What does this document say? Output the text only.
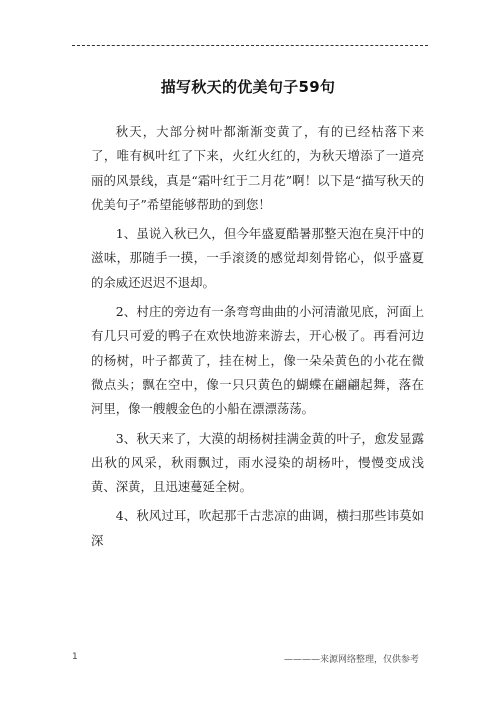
描写秋天的优美句子59句

秋天，大部分树叶都渐渐变黄了，有的已经枯落下来了，唯有枫叶红了下来，火红火红的，为秋天增添了一道亮丽的风景线，真是“霜叶红于二月花”啊！以下是“描写秋天的优美句子”希望能够帮助的到您！

1、虽说入秋已久，但今年盛夏酷暑那整天泡在臭汗中的滋味，那随手一摸，一手滚烫的感觉却刻骨铭心，似乎盛夏的余威还迟迟不退却。

2、村庄的旁边有一条弯弯曲曲的小河清澈见底，河面上有几只可爱的鸭子在欢快地游来游去，开心极了。再看河边的杨树，叶子都黄了，挂在树上，像一朵朵黄色的小花在微微点头；飘在空中，像一只只黄色的蝴蝶在翩翩起舞，落在河里，像一艘艘金色的小船在漂漂荡荡。

3、秋天来了，大漠的胡杨树挂满金黄的叶子，愈发显露出秋的风采，秋雨飘过，雨水浸染的胡杨叶，慢慢变成浅黄、深黄，且迅速蔓延全树。

4、秋风过耳，吹起那千古悲凉的曲调，横扫那些讳莫如深

1	————来源网络整理，仅供参考
